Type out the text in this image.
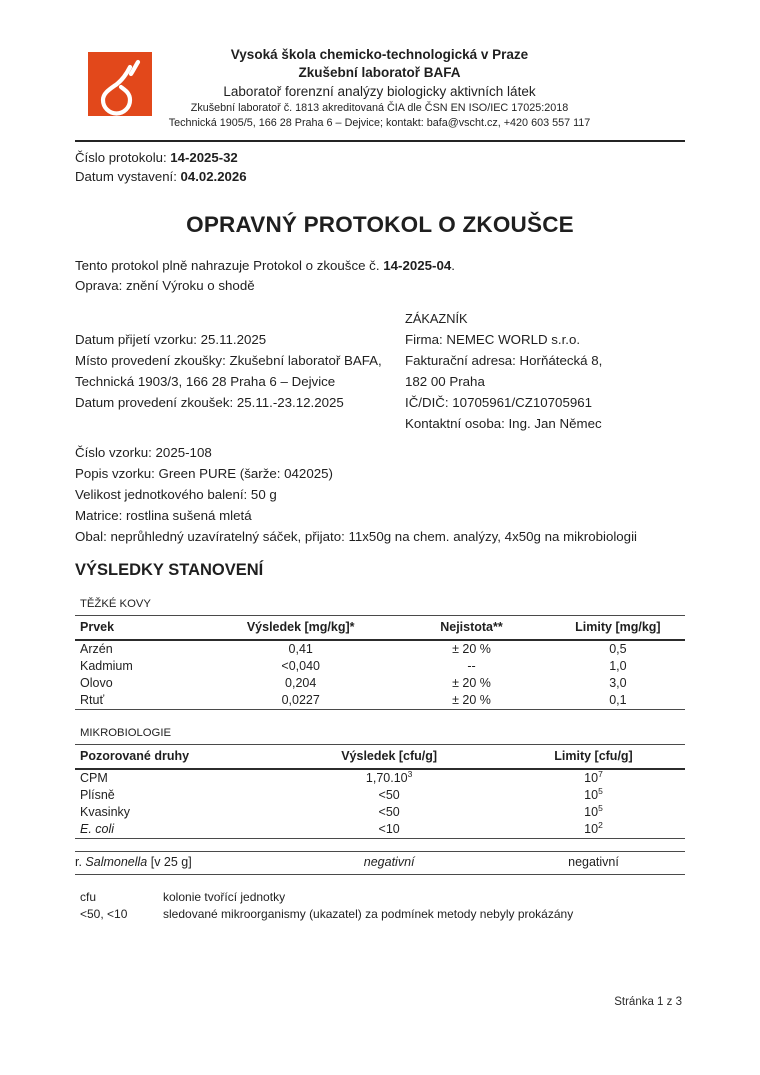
Vysoká škola chemicko-technologická v Praze
Zkušební laboratoř BAFA
Laboratoř forenzní analýzy biologicky aktivních látek
Zkušební laboratoř č. 1813 akreditovaná ČIA dle ČSN EN ISO/IEC 17025:2018
Technická 1905/5, 166 28 Praha 6 – Dejvice; kontakt: bafa@vscht.cz, +420 603 557 117
Číslo protokolu: 14-2025-32
Datum vystavení: 04.02.2026
OPRAVNÝ PROTOKOL O ZKOUŠCE
Tento protokol plně nahrazuje Protokol o zkoušce č. 14-2025-04.
Oprava: znění Výroku o shodě
Datum přijetí vzorku: 25.11.2025
Místo provedení zkoušky: Zkušební laboratoř BAFA,
Technická 1903/3, 166 28 Praha 6 – Dejvice
Datum provedení zkoušek: 25.11.-23.12.2025
ZÁKAZNÍK
Firma: NEMEC WORLD s.r.o.
Fakturační adresa: Horňátecká 8,
182 00 Praha
IČ/DIČ: 10705961/CZ10705961
Kontaktní osoba: Ing. Jan Němec
Číslo vzorku: 2025-108
Popis vzorku: Green PURE (šarže: 042025)
Velikost jednotkového balení: 50 g
Matrice: rostlina sušená mletá
Obal: neprůhledný uzavíratelný sáček, přijato: 11x50g na chem. analýzy, 4x50g na mikrobiologii
VÝSLEDKY STANOVENÍ
TĚŽKÉ KOVY
Prvek	Výsledek [mg/kg]*	Nejistota**	Limity [mg/kg]
Arzén	0,41	± 20 %	0,5
Kadmium	<0,040	--	1,0
Olovo	0,204	± 20 %	3,0
Rtuť	0,0227	± 20 %	0,1
MIKROBIOLOGIE
Pozorované druhy	Výsledek [cfu/g]	Limity [cfu/g]
CPM	1,70.10$^3$	$10^7$
Plísně	<50	$10^5$
Kvasinky	<50	$10^5$
E. coli	<10	$10^2$
r. Salmonella [v 25 g]	negativní	negativní
cfu	kolonie tvořící jednotky
<50, <10	sledované mikroorganismy (ukazatel) za podmínek metody nebyly prokázány
Stránka 1 z 3
